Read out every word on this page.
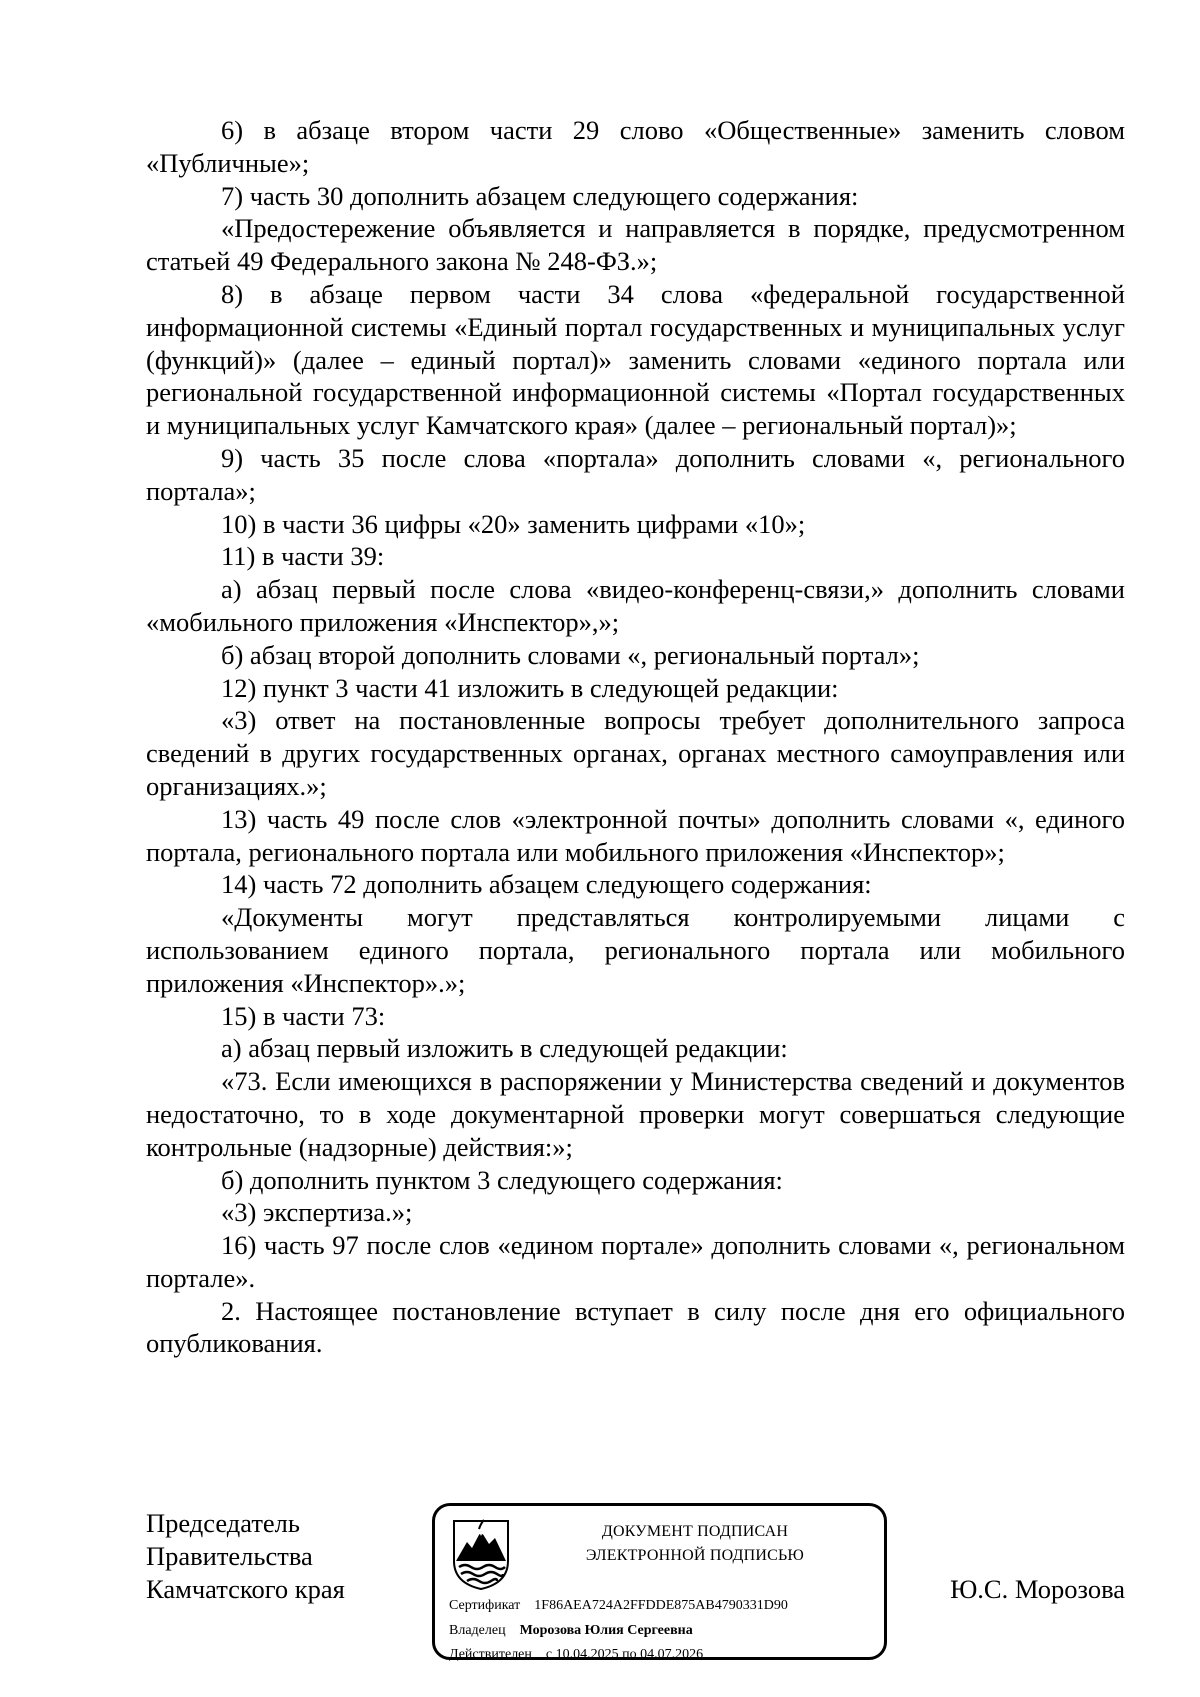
6) в абзаце втором части 29 слово «Общественные» заменить словом «Публичные»;

7) часть 30 дополнить абзацем следующего содержания:

«Предостережение объявляется и направляется в порядке, предусмотренном статьей 49 Федерального закона № 248-ФЗ.»;

8) в абзаце первом части 34 слова «федеральной государственной информационной системы «Единый портал государственных и муниципальных услуг (функций)» (далее – единый портал)» заменить словами «единого портала или региональной государственной информационной системы «Портал государственных и муниципальных услуг Камчатского края» (далее – региональный портал)»;

9) часть 35 после слова «портала» дополнить словами «, регионального портала»;

10) в части 36 цифры «20» заменить цифрами «10»;

11) в части 39:

а) абзац первый после слова «видео-конференц-связи,» дополнить словами «мобильного приложения «Инспектор»,»;

б) абзац второй дополнить словами «, региональный портал»;

12) пункт 3 части 41 изложить в следующей редакции:

«3) ответ на постановленные вопросы требует дополнительного запроса сведений в других государственных органах, органах местного самоуправления или организациях.»;

13) часть 49 после слов «электронной почты» дополнить словами «, единого портала, регионального портала или мобильного приложения «Инспектор»;

14) часть 72 дополнить абзацем следующего содержания:

«Документы могут представляться контролируемыми лицами с использованием единого портала, регионального портала или мобильного приложения «Инспектор».»;

15) в части 73:

а) абзац первый изложить в следующей редакции:

«73. Если имеющихся в распоряжении у Министерства сведений и документов недостаточно, то в ходе документарной проверки могут совершаться следующие контрольные (надзорные) действия:»;

б) дополнить пунктом 3 следующего содержания:

«3) экспертиза.»;

16) часть 97 после слов «едином портале» дополнить словами «, региональном портале».

2. Настоящее постановление вступает в силу после дня его официального опубликования.

Председатель
Правительства
Камчатского края
ДОКУМЕНТ ПОДПИСАН
ЭЛЕКТРОННОЙ ПОДПИСЬЮ
Сертификат 1F86AEA724A2FFDDE875AB4790331D90
Владелец Морозова Юлия Сергеевна
Действителен с 10.04.2025 по 04.07.2026
Ю.С. Морозова
